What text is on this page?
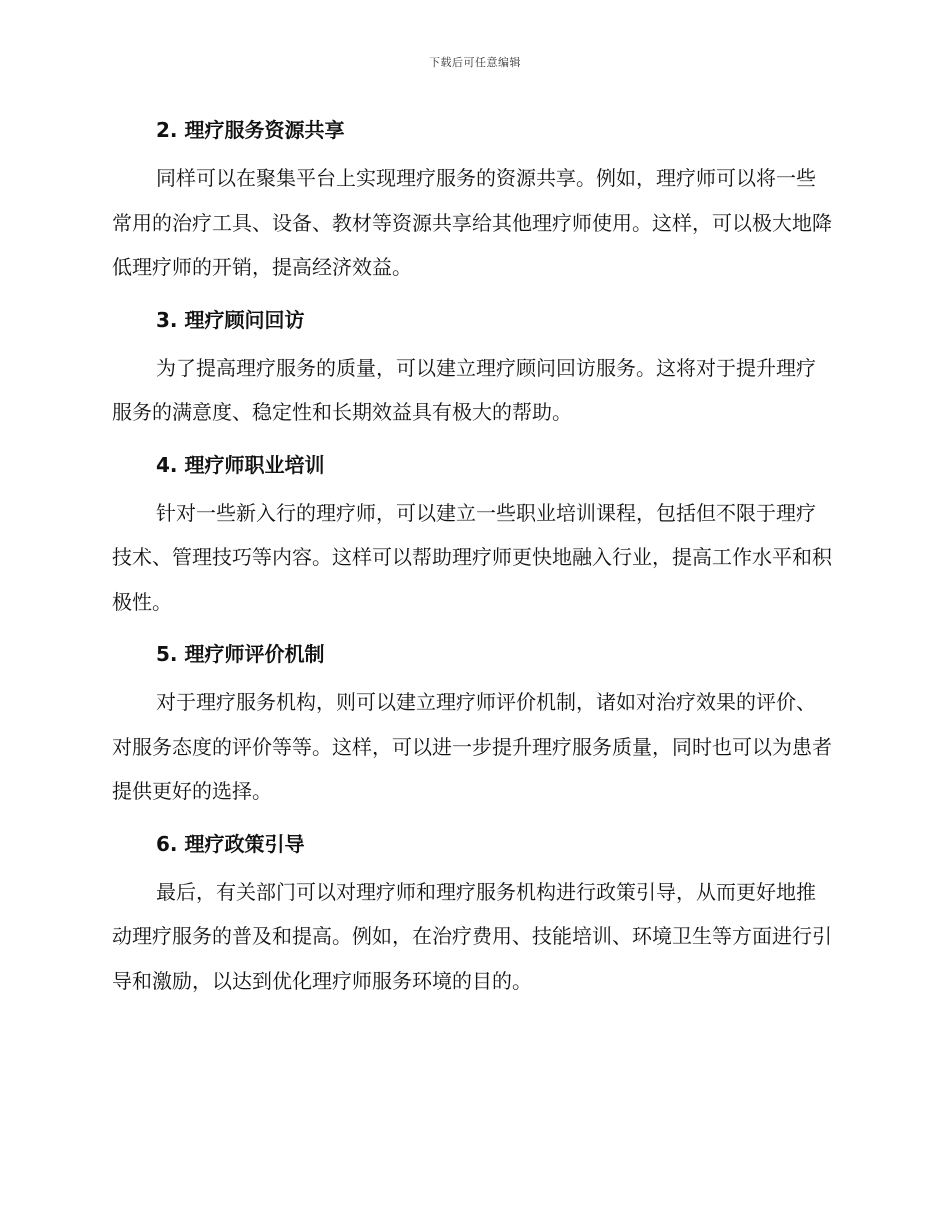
下载后可任意编辑
2. 理疗服务资源共享
同样可以在聚集平台上实现理疗服务的资源共享。例如，理疗师可以将一些常用的治疗工具、设备、教材等资源共享给其他理疗师使用。这样，可以极大地降低理疗师的开销，提高经济效益。
3. 理疗顾问回访
为了提高理疗服务的质量，可以建立理疗顾问回访服务。这将对于提升理疗服务的满意度、稳定性和长期效益具有极大的帮助。
4. 理疗师职业培训
针对一些新入行的理疗师，可以建立一些职业培训课程，包括但不限于理疗技术、管理技巧等内容。这样可以帮助理疗师更快地融入行业，提高工作水平和积极性。
5. 理疗师评价机制
对于理疗服务机构，则可以建立理疗师评价机制，诸如对治疗效果的评价、对服务态度的评价等等。这样，可以进一步提升理疗服务质量，同时也可以为患者提供更好的选择。
6. 理疗政策引导
最后，有关部门可以对理疗师和理疗服务机构进行政策引导，从而更好地推动理疗服务的普及和提高。例如，在治疗费用、技能培训、环境卫生等方面进行引导和激励，以达到优化理疗师服务环境的目的。
